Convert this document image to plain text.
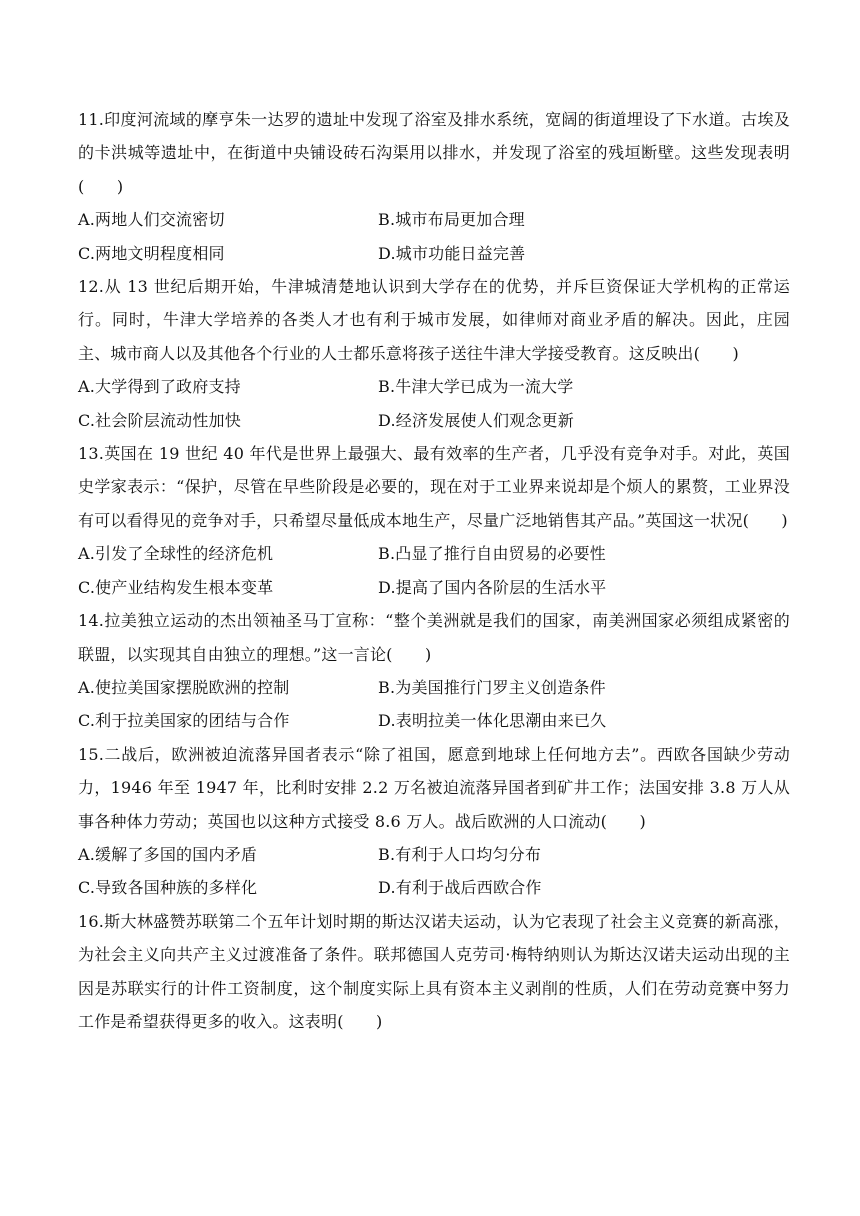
11.印度河流域的摩亨朱一达罗的遗址中发现了浴室及排水系统，宽阔的街道埋设了下水道。古埃及的卡洪城等遗址中，在街道中央铺设砖石沟渠用以排水，并发现了浴室的残垣断壁。这些发现表明(　　)

A.两地人们交流密切	B.城市布局更加合理
C.两地文明程度相同	D.城市功能日益完善

12.从 13 世纪后期开始，牛津城清楚地认识到大学存在的优势，并斥巨资保证大学机构的正常运行。同时，牛津大学培养的各类人才也有利于城市发展，如律师对商业矛盾的解决。因此，庄园主、城市商人以及其他各个行业的人士都乐意将孩子送往牛津大学接受教育。这反映出(　　)

A.大学得到了政府支持	B.牛津大学已成为一流大学
C.社会阶层流动性加快	D.经济发展使人们观念更新

13.英国在 19 世纪 40 年代是世界上最强大、最有效率的生产者，几乎没有竞争对手。对此，英国史学家表示：“保护，尽管在早些阶段是必要的，现在对于工业界来说却是个烦人的累赘，工业界没有可以看得见的竞争对手，只希望尽量低成本地生产，尽量广泛地销售其产品。”英国这一状况(　　)

A.引发了全球性的经济危机	B.凸显了推行自由贸易的必要性
C.使产业结构发生根本变革	D.提高了国内各阶层的生活水平

14.拉美独立运动的杰出领袖圣马丁宣称：“整个美洲就是我们的国家，南美洲国家必须组成紧密的联盟，以实现其自由独立的理想。”这一言论(　　)

A.使拉美国家摆脱欧洲的控制	B.为美国推行门罗主义创造条件
C.利于拉美国家的团结与合作	D.表明拉美一体化思潮由来已久

15.二战后，欧洲被迫流落异国者表示“除了祖国，愿意到地球上任何地方去”。西欧各国缺少劳动力，1946 年至 1947 年，比利时安排 2.2 万名被迫流落异国者到矿井工作；法国安排 3.8 万人从事各种体力劳动；英国也以这种方式接受 8.6 万人。战后欧洲的人口流动(　　)

A.缓解了多国的国内矛盾	B.有利于人口均匀分布
C.导致各国种族的多样化	D.有利于战后西欧合作

16.斯大林盛赞苏联第二个五年计划时期的斯达汉诺夫运动，认为它表现了社会主义竞赛的新高涨，为社会主义向共产主义过渡准备了条件。联邦德国人克劳司·梅特纳则认为斯达汉诺夫运动出现的主因是苏联实行的计件工资制度，这个制度实际上具有资本主义剥削的性质，人们在劳动竞赛中努力工作是希望获得更多的收入。这表明(　　)
